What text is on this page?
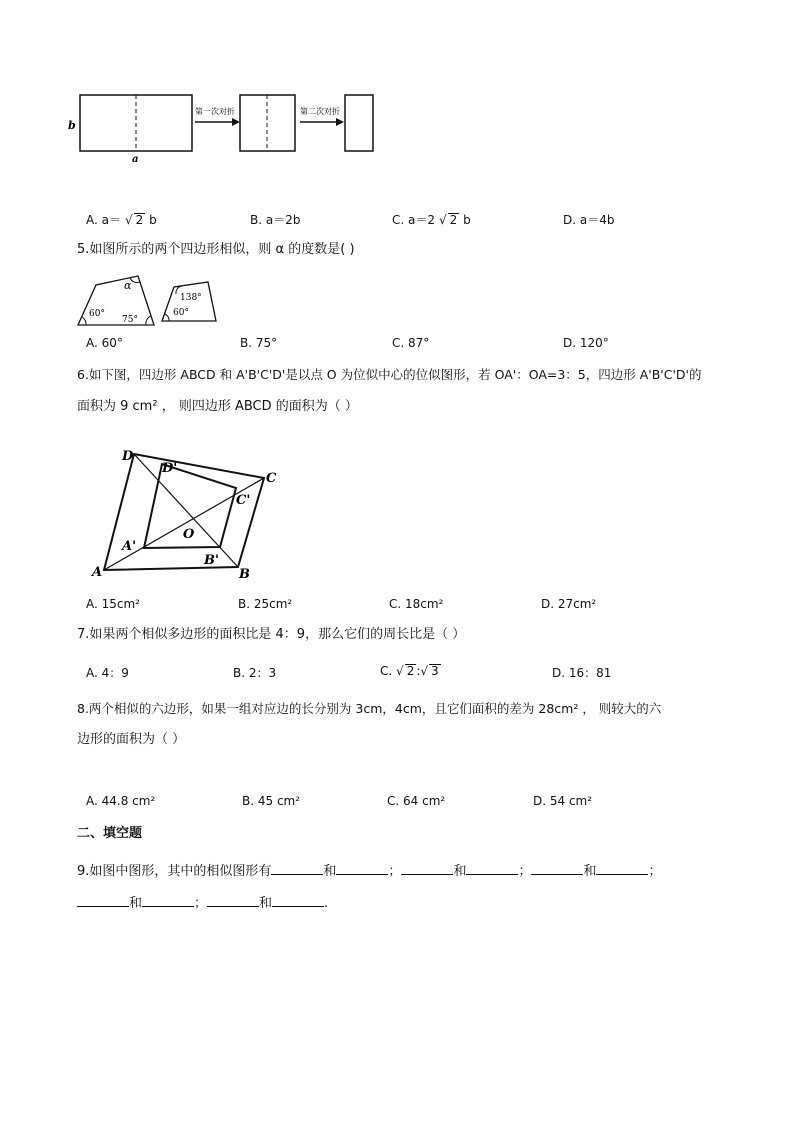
b
a
第一次对折	第二次对折
A. a＝ √ 2 b	B. a＝2b	C. a＝2 √ 2 b	D. a＝4b
5.如图所示的两个四边形相似，则 α 的度数是( )
α
60°
75°
138°
60°
A. 60°	B. 75°	C. 87°	D. 120°
6.如下图，四边形 ABCD 和 A'B'C'D'是以点 O 为位似中心的位似图形，若 OA'：OA=3：5，四边形 A'B'C'D'的
面积为 9 cm² ， 则四边形 ABCD 的面积为（ ）
D
D'
C
C'
O
A'
B'
A	B
A. 15cm²	B. 25cm²	C. 18cm²	D. 27cm²
7.如果两个相似多边形的面积比是 4：9，那么它们的周长比是（ ）
A. 4：9	B. 2：3	C. √ 2 :√ 3	D. 16：81
8.两个相似的六边形，如果一组对应边的长分别为 3cm，4cm，且它们面积的差为 28cm² ， 则较大的六
边形的面积为（ ）
A. 44.8 cm²	B. 45 cm²	C. 64 cm²	D. 54 cm²
二、填空题
9.如图中图形，其中的相似图形有	和	；	和	；	和	；
和	；	和	.
